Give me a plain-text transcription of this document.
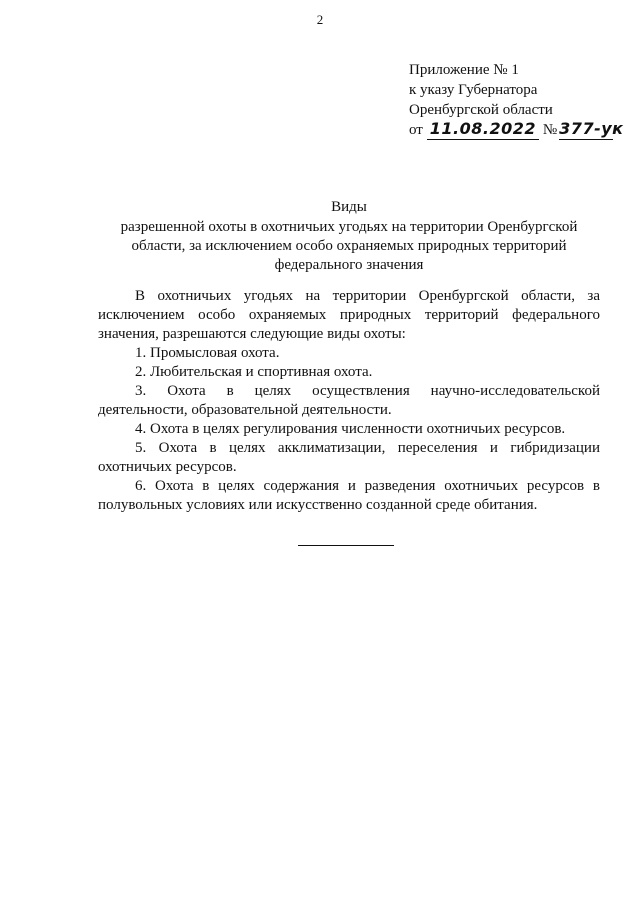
2
Приложение № 1
к указу Губернатора
Оренбургской области
от 11.08.2022 № 377-ук
Виды
разрешенной охоты в охотничьих угодьях на территории Оренбургской области, за исключением особо охраняемых природных территорий федерального значения
В охотничьих угодьях на территории Оренбургской области, за исключением особо охраняемых природных территорий федерального значения, разрешаются следующие виды охоты:
1. Промысловая охота.
2. Любительская и спортивная охота.
3. Охота в целях осуществления научно-исследовательской деятельности, образовательной деятельности.
4. Охота в целях регулирования численности охотничьих ресурсов.
5. Охота в целях акклиматизации, переселения и гибридизации охотничьих ресурсов.
6. Охота в целях содержания и разведения охотничьих ресурсов в полувольных условиях или искусственно созданной среде обитания.
